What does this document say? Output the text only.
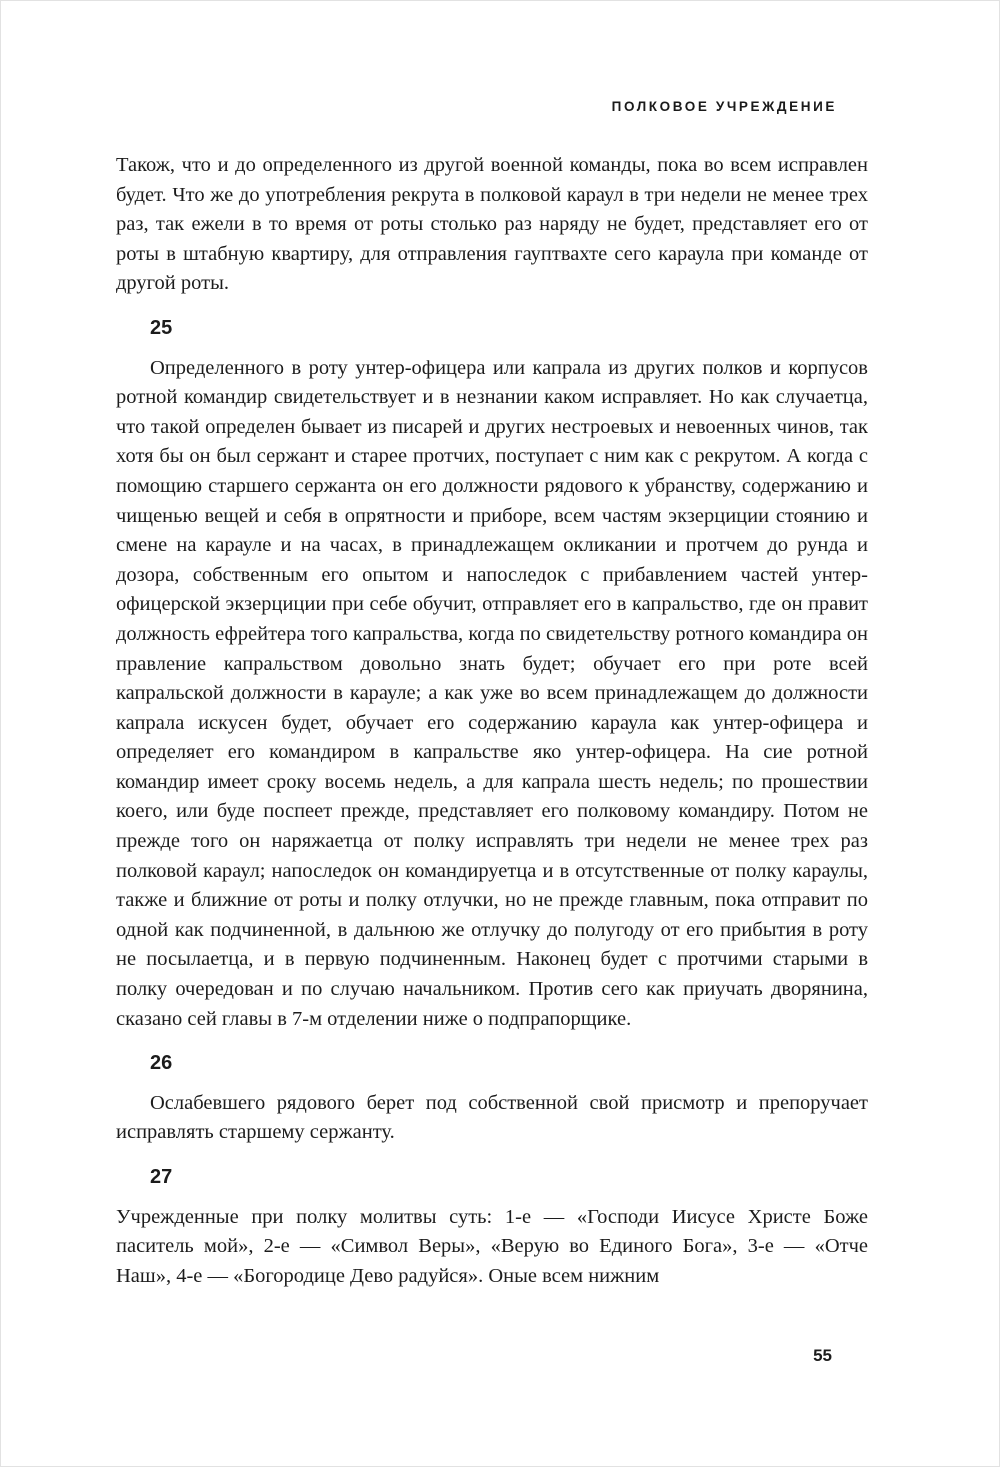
ПОЛКОВОЕ УЧРЕЖДЕНИЕ

Також, что и до определенного из другой военной команды, пока во всем исправлен будет. Что же до употребления рекрута в полковой караул в три недели не менее трех раз, так ежели в то время от роты столько раз наряду не будет, представляет его от роты в штабную квартиру, для отправления гауптвахте сего караула при команде от другой роты.

25

Определенного в роту унтер-офицера или капрала из других полков и корпусов ротной командир свидетельствует и в незнании каком исправляет. Но как случаетца, что такой определен бывает из писарей и других нестроевых и невоенных чинов, так хотя бы он был сержант и старее протчих, поступает с ним как с рекрутом. А когда с помощию старшего сержанта он его должности рядового к убранству, содержанию и чищенью вещей и себя в опрятности и приборе, всем частям экзерциции стоянию и смене на карауле и на часах, в принадлежащем окликании и протчем до рунда и дозора, собственным его опытом и напоследок с прибавлением частей унтер-офицерской экзерциции при себе обучит, отправляет его в капральство, где он правит должность ефрейтера того капральства, когда по свидетельству ротного командира он правление капральством довольно знать будет; обучает его при роте всей капральской должности в карауле; а как уже во всем принадлежащем до должности капрала искусен будет, обучает его содержанию караула как унтер-офицера и определяет его командиром в капральстве яко унтер-офицера. На сие ротной командир имеет сроку восемь недель, а для капрала шесть недель; по прошествии коего, или буде поспеет прежде, представляет его полковому командиру. Потом не прежде того он наряжаетца от полку исправлять три недели не менее трех раз полковой караул; напоследок он командируетца и в отсутственные от полку караулы, также и ближние от роты и полку отлучки, но не прежде главным, пока отправит по одной как подчиненной, в дальнюю же отлучку до полугоду от его прибытия в роту не посылаетца, и в первую подчиненным. Наконец будет с протчими старыми в полку очередован и по случаю начальником. Против сего как приучать дворянина, сказано сей главы в 7-м отделении ниже о подпрапорщике.

26

Ослабевшего рядового берет под собственной свой присмотр и препоручает исправлять старшему сержанту.

27

Учрежденные при полку молитвы суть: 1-е — «Господи Иисусе Христе Боже паситель мой», 2-е — «Символ Веры», «Верую во Единого Бога», 3-е — «Отче Наш», 4-е — «Богородице Дево радуйся». Оные всем нижним

55
